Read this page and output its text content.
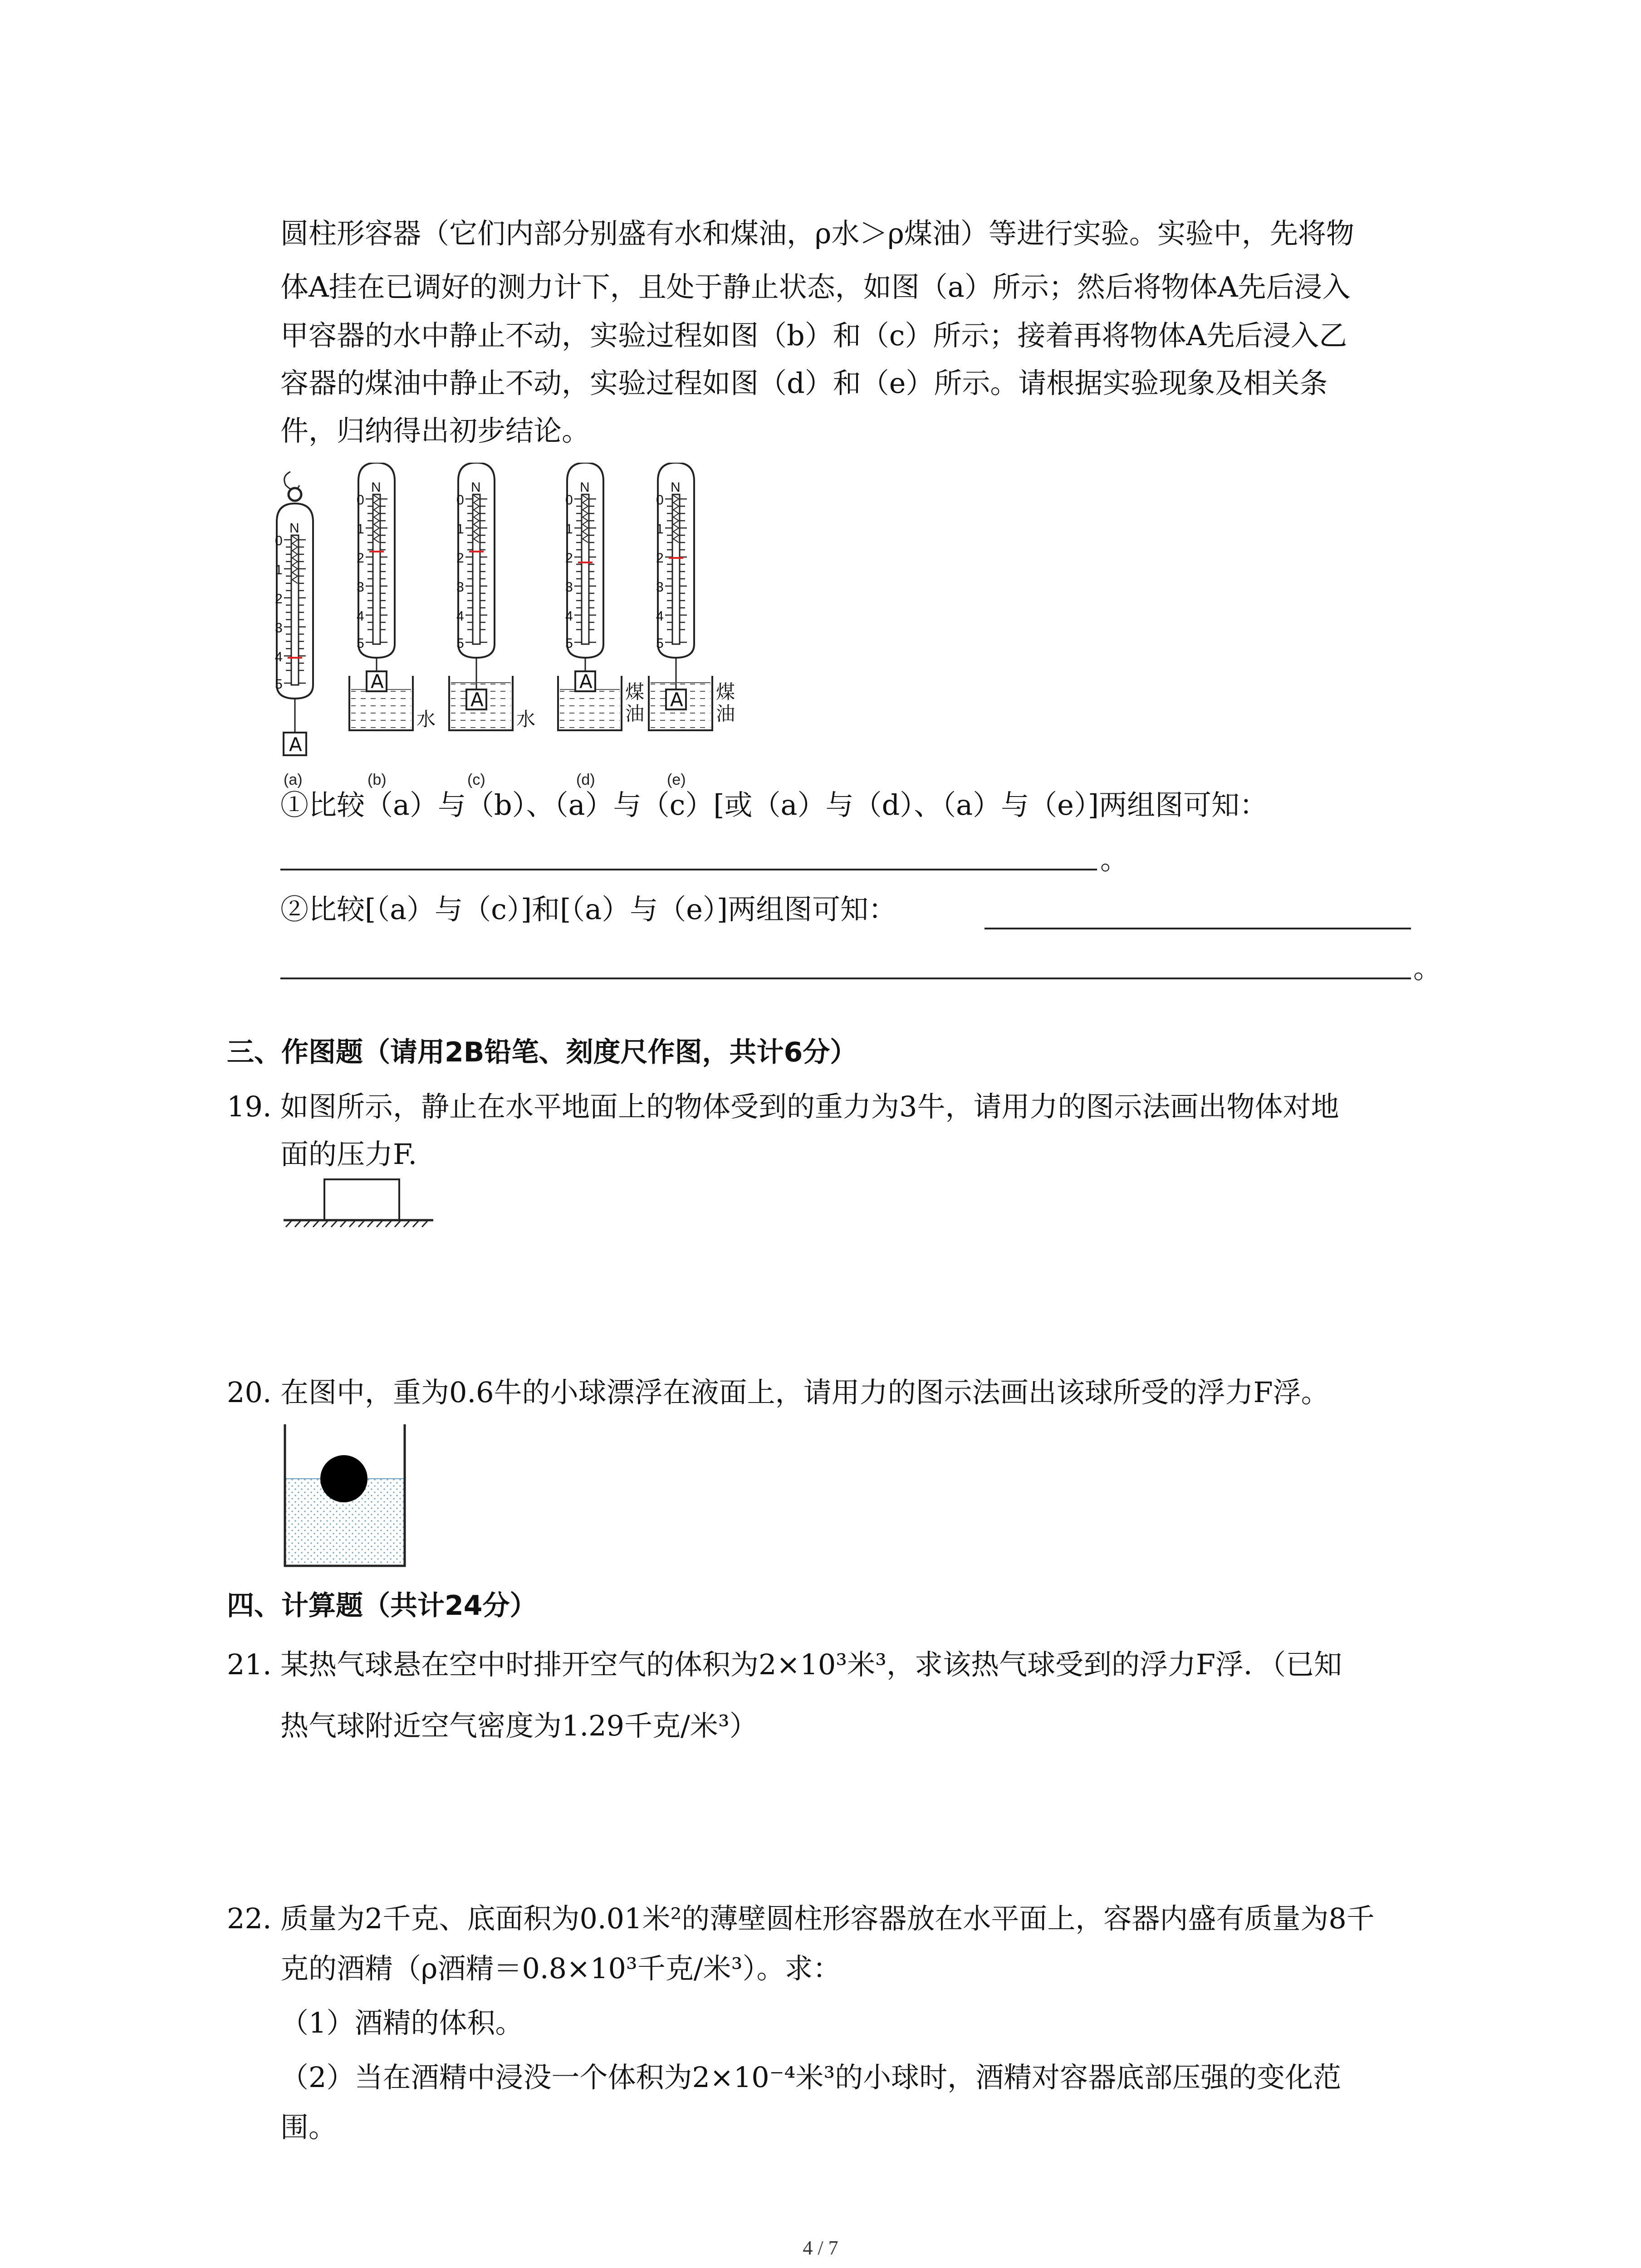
圆柱形容器（它们内部分别盛有水和煤油，ρ水＞ρ煤油）等进行实验。实验中，先将物
体A挂在已调好的测力计下，且处于静止状态，如图（a）所示；然后将物体A先后浸入
甲容器的水中静止不动，实验过程如图（b）和（c）所示；接着再将物体A先后浸入乙
容器的煤油中静止不动，实验过程如图（d）和（e）所示。请根据实验现象及相关条
件，归纳得出初步结论。
N
0
1
2
3
4
5
A
(a)
N
0
1
2
3
4
5
A
水
(b)
N
0
1
2
3
4
5
A
水
(c)
N
0
1
2
3
4
5
A 煤
油
(d)
N
0
1
2
3
4
5
A 煤
油
(e)
①比较（a）与（b）、（a）与（c）[或（a）与（d）、（a）与（e）]两组图可知：
。
②比较[（a）与（c）]和[（a）与（e）]两组图可知：
。
三、作图题（请用2B铅笔、刻度尺作图，共计6分）
19. 如图所示，静止在水平地面上的物体受到的重力为3牛，请用力的图示法画出物体对地
面的压力F.
20. 在图中，重为0.6牛的小球漂浮在液面上，请用力的图示法画出该球所受的浮力F浮。
四、计算题（共计24分）
21. 某热气球悬在空中时排开空气的体积为2×10³米³，求该热气球受到的浮力F浮．（已知
热气球附近空气密度为1.29千克/米³）
22. 质量为2千克、底面积为0.01米²的薄壁圆柱形容器放在水平面上，容器内盛有质量为8千
克的酒精（ρ酒精＝0.8×10³千克/米³）。求：
（1）酒精的体积。
（2）当在酒精中浸没一个体积为2×10⁻⁴米³的小球时，酒精对容器底部压强的变化范
围。
4 / 7
